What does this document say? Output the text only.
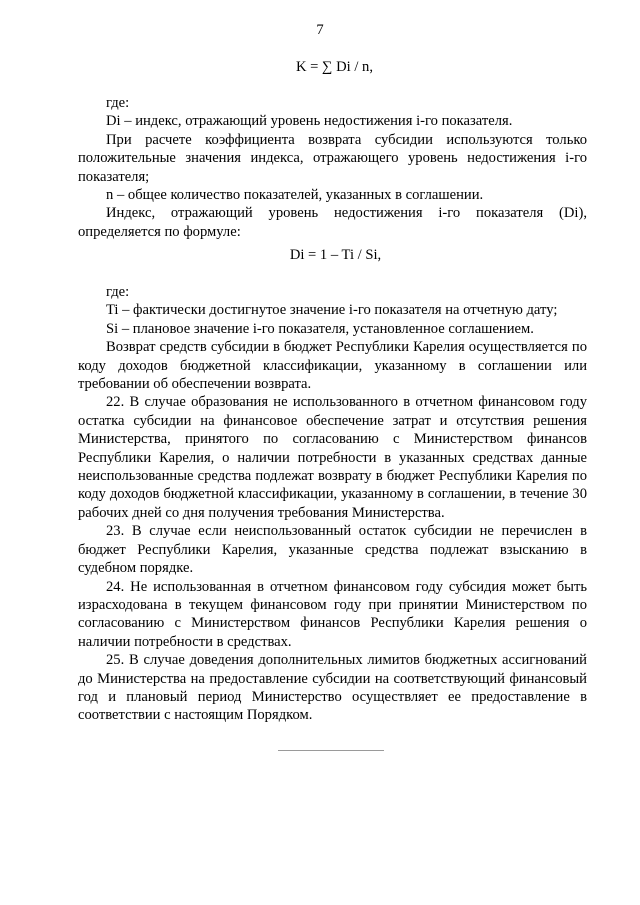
7
K = ∑ Di / n,

где:

Di – индекс, отражающий уровень недостижения i-го показателя.

При расчете коэффициента возврата субсидии используются только положительные значения индекса, отражающего уровень недостижения i-го показателя;

n – общее количество показателей, указанных в соглашении.

Индекс, отражающий уровень недостижения i-го показателя (Di), определяется по формуле:

Di = 1 – Ti / Si,

где:

Ti – фактически достигнутое значение i-го показателя на отчетную дату;

Si – плановое значение i-го показателя, установленное соглашением.

Возврат средств субсидии в бюджет Республики Карелия осуществляется по коду доходов бюджетной классификации, указанному в соглашении или требовании об обеспечении возврата.

22. В случае образования не использованного в отчетном финансовом году остатка субсидии на финансовое обеспечение затрат и отсутствия решения Министерства, принятого по согласованию с Министерством финансов Республики Карелия, о наличии потребности в указанных средствах данные неиспользованные средства подлежат возврату в бюджет Республики Карелия по коду доходов бюджетной классификации, указанному в соглашении, в течение 30 рабочих дней со дня получения требования Министерства.

23. В случае если неиспользованный остаток субсидии не перечислен в бюджет Республики Карелия, указанные средства подлежат взысканию в судебном порядке.

24. Не использованная в отчетном финансовом году субсидия может быть израсходована в текущем финансовом году при принятии Министерством по согласованию с Министерством финансов Республики Карелия решения о наличии потребности в средствах.

25. В случае доведения дополнительных лимитов бюджетных ассигнований до Министерства на предоставление субсидии на соответствующий финансовый год и плановый период Министерство осуществляет ее предоставление в соответствии с настоящим Порядком.
